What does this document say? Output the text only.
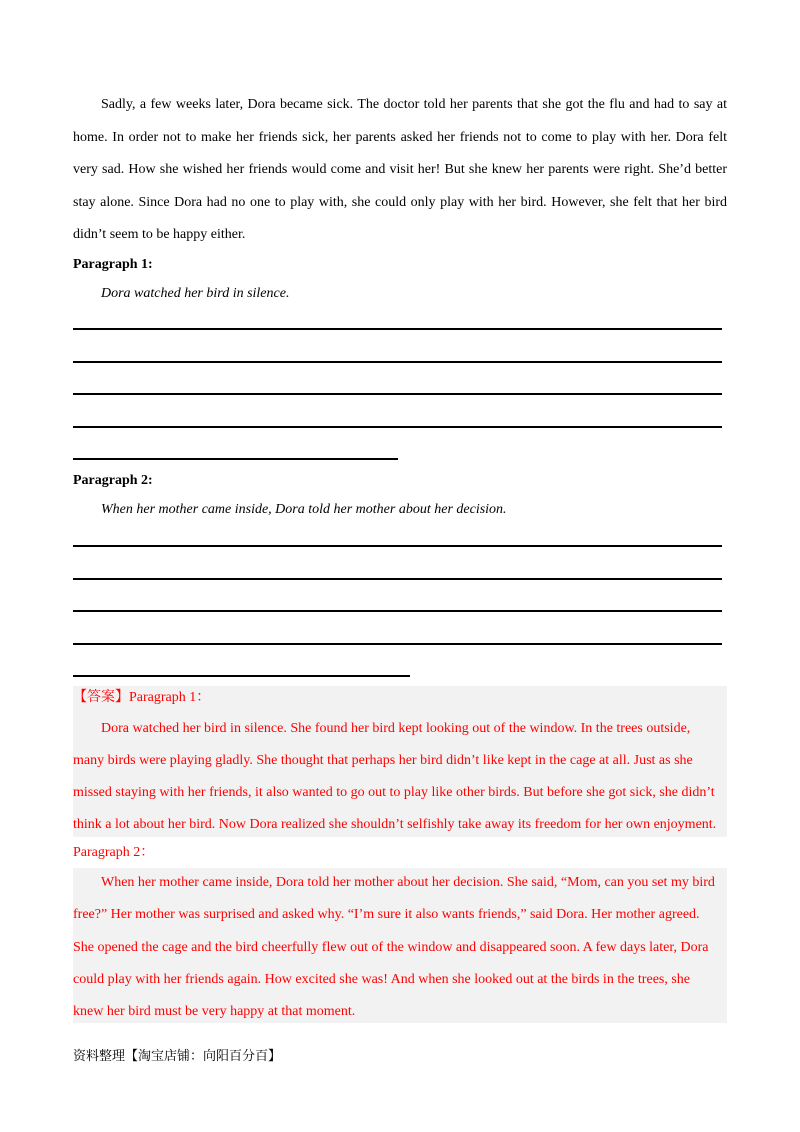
Sadly, a few weeks later, Dora became sick. The doctor told her parents that she got the flu and had to say at
home. In order not to make her friends sick, her parents asked her friends not to come to play with her. Dora felt
very sad. How she wished her friends would come and visit her! But she knew her parents were right. She’d better
stay alone. Since Dora had no one to play with, she could only play with her bird. However, she felt that her bird
didn’t seem to be happy either.
Paragraph 1:
Dora watched her bird in silence.
Paragraph 2:
When her mother came inside, Dora told her mother about her decision.
【答案】Paragraph 1：
Dora watched her bird in silence. She found her bird kept looking out of the window. In the trees outside,
many birds were playing gladly. She thought that perhaps her bird didn’t like kept in the cage at all. Just as she
missed staying with her friends, it also wanted to go out to play like other birds. But before she got sick, she didn’t
think a lot about her bird. Now Dora realized she shouldn’t selfishly take away its freedom for her own enjoyment.
Paragraph 2：
When her mother came inside, Dora told her mother about her decision. She said, “Mom, can you set my bird
free?” Her mother was surprised and asked why. “I’m sure it also wants friends,” said Dora. Her mother agreed.
She opened the cage and the bird cheerfully flew out of the window and disappeared soon. A few days later, Dora
could play with her friends again. How excited she was! And when she looked out at the birds in the trees, she
knew her bird must be very happy at that moment.
资料整理【淘宝店铺：向阳百分百】
